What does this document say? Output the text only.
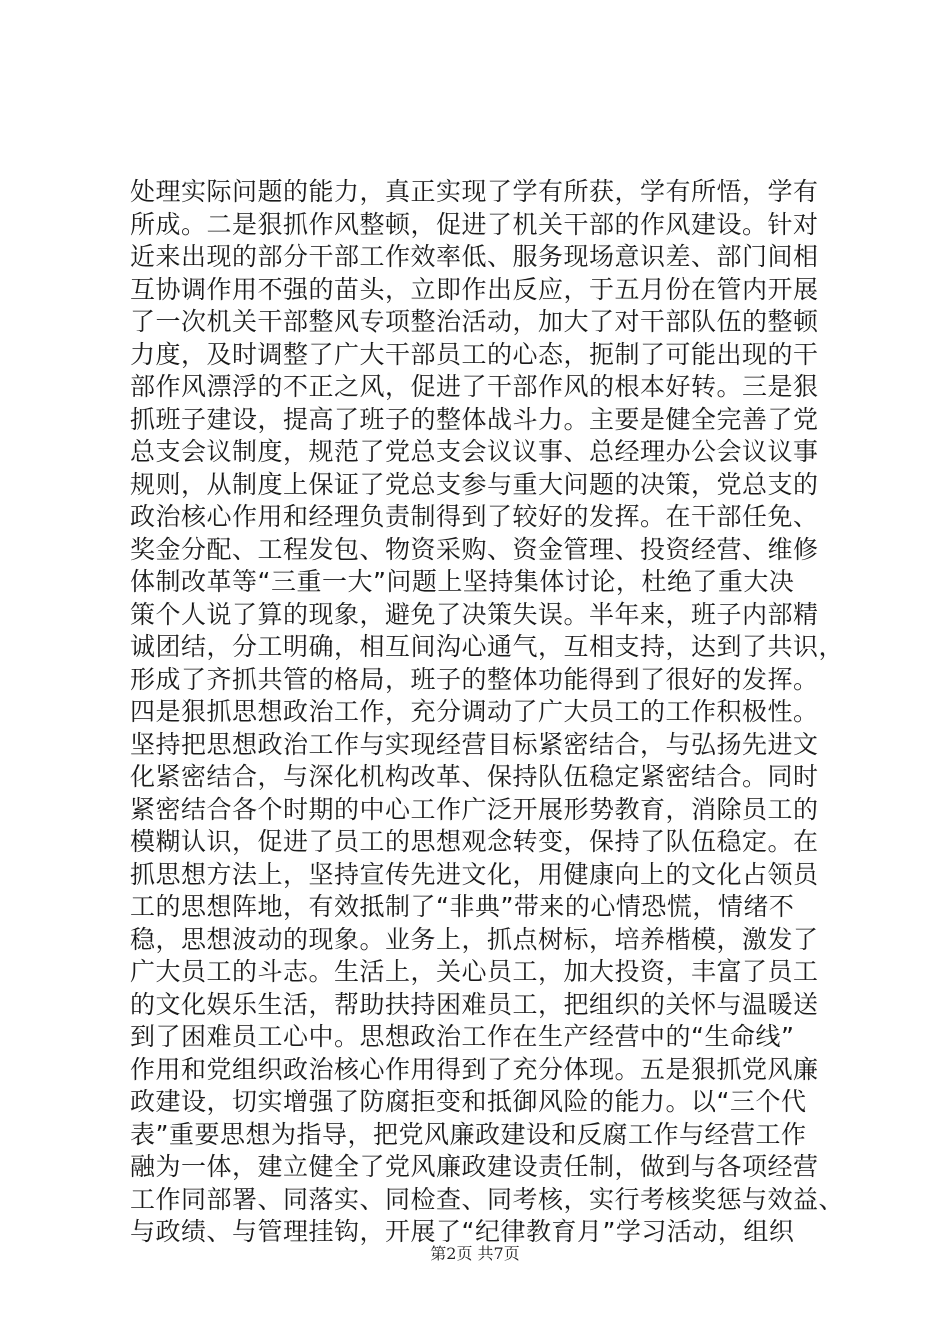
处理实际问题的能力，真正实现了学有所获，学有所悟，学有
所成。二是狠抓作风整顿，促进了机关干部的作风建设。针对
近来出现的部分干部工作效率低、服务现场意识差、部门间相
互协调作用不强的苗头，立即作出反应，于五月份在管内开展
了一次机关干部整风专项整治活动，加大了对干部队伍的整顿
力度，及时调整了广大干部员工的心态，扼制了可能出现的干
部作风漂浮的不正之风，促进了干部作风的根本好转。三是狠
抓班子建设，提高了班子的整体战斗力。主要是健全完善了党
总支会议制度，规范了党总支会议议事、总经理办公会议议事
规则，从制度上保证了党总支参与重大问题的决策，党总支的
政治核心作用和经理负责制得到了较好的发挥。在干部任免、
奖金分配、工程发包、物资采购、资金管理、投资经营、维修
体制改革等“三重一大”问题上坚持集体讨论，杜绝了重大决
策个人说了算的现象，避免了决策失误。半年来，班子内部精
诚团结，分工明确，相互间沟心通气，互相支持，达到了共识，
形成了齐抓共管的格局，班子的整体功能得到了很好的发挥。
四是狠抓思想政治工作，充分调动了广大员工的工作积极性。
坚持把思想政治工作与实现经营目标紧密结合，与弘扬先进文
化紧密结合，与深化机构改革、保持队伍稳定紧密结合。同时
紧密结合各个时期的中心工作广泛开展形势教育，消除员工的
模糊认识，促进了员工的思想观念转变，保持了队伍稳定。在
抓思想方法上，坚持宣传先进文化，用健康向上的文化占领员
工的思想阵地，有效抵制了“非典”带来的心情恐慌，情绪不
稳，思想波动的现象。业务上，抓点树标，培养楷模，激发了
广大员工的斗志。生活上，关心员工，加大投资，丰富了员工
的文化娱乐生活，帮助扶持困难员工，把组织的关怀与温暖送
到了困难员工心中。思想政治工作在生产经营中的“生命线”
作用和党组织政治核心作用得到了充分体现。五是狠抓党风廉
政建设，切实增强了防腐拒变和抵御风险的能力。以“三个代
表”重要思想为指导，把党风廉政建设和反腐工作与经营工作
融为一体，建立健全了党风廉政建设责任制，做到与各项经营
工作同部署、同落实、同检查、同考核，实行考核奖惩与效益、
与政绩、与管理挂钩，开展了“纪律教育月”学习活动，组织
第2页 共7页
